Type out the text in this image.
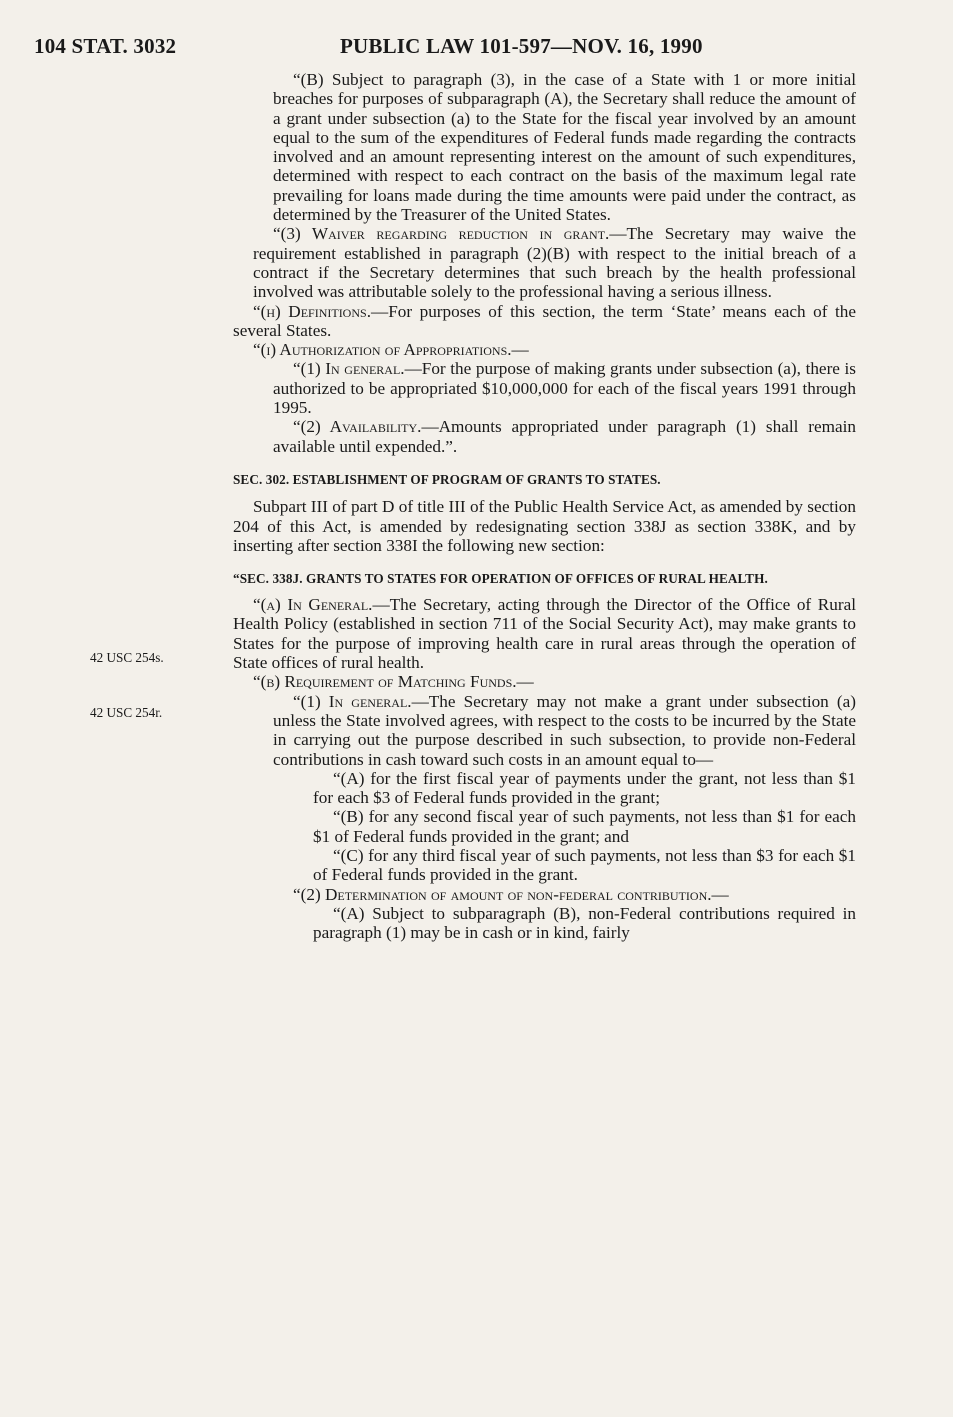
104 STAT. 3032	PUBLIC LAW 101-597—NOV. 16, 1990
42 USC 254s.
42 USC 254r.

“(B) Subject to paragraph (3), in the case of a State with 1 or more initial breaches for purposes of subparagraph (A), the Secretary shall reduce the amount of a grant under subsection (a) to the State for the fiscal year involved by an amount equal to the sum of the expenditures of Federal funds made regarding the contracts involved and an amount representing interest on the amount of such expenditures, determined with respect to each contract on the basis of the maximum legal rate prevailing for loans made during the time amounts were paid under the contract, as determined by the Treasurer of the United States.

“(3) Waiver regarding reduction in grant.—The Secretary may waive the requirement established in paragraph (2)(B) with respect to the initial breach of a contract if the Secretary determines that such breach by the health professional involved was attributable solely to the professional having a serious illness.

“(h) Definitions.—For purposes of this section, the term ‘State’ means each of the several States.

“(i) Authorization of Appropriations.—

“(1) In general.—For the purpose of making grants under subsection (a), there is authorized to be appropriated $10,000,000 for each of the fiscal years 1991 through 1995.

“(2) Availability.—Amounts appropriated under paragraph (1) shall remain available until expended.”.

SEC. 302. ESTABLISHMENT OF PROGRAM OF GRANTS TO STATES.

Subpart III of part D of title III of the Public Health Service Act, as amended by section 204 of this Act, is amended by redesignating section 338J as section 338K, and by inserting after section 338I the following new section:

“SEC. 338J. GRANTS TO STATES FOR OPERATION OF OFFICES OF RURAL HEALTH.

“(a) In General.—The Secretary, acting through the Director of the Office of Rural Health Policy (established in section 711 of the Social Security Act), may make grants to States for the purpose of improving health care in rural areas through the operation of State offices of rural health.

“(b) Requirement of Matching Funds.—

“(1) In general.—The Secretary may not make a grant under subsection (a) unless the State involved agrees, with respect to the costs to be incurred by the State in carrying out the purpose described in such subsection, to provide non-Federal contributions in cash toward such costs in an amount equal to—

“(A) for the first fiscal year of payments under the grant, not less than $1 for each $3 of Federal funds provided in the grant;

“(B) for any second fiscal year of such payments, not less than $1 for each $1 of Federal funds provided in the grant; and

“(C) for any third fiscal year of such payments, not less than $3 for each $1 of Federal funds provided in the grant.

“(2) Determination of amount of non-federal contribution.—

“(A) Subject to subparagraph (B), non-Federal contributions required in paragraph (1) may be in cash or in kind, fairly
